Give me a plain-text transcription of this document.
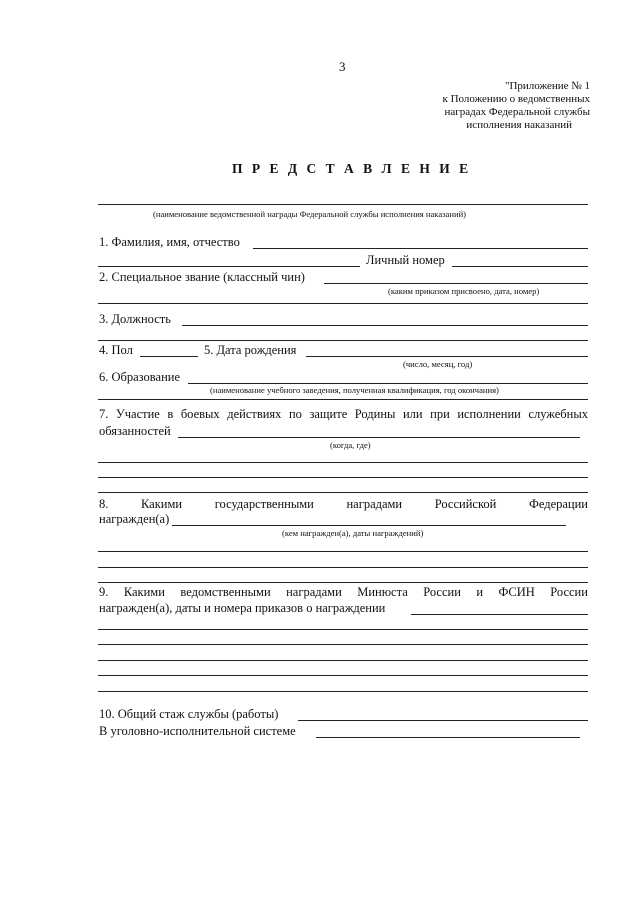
3
"Приложение № 1
к Положению о ведомственных
наградах Федеральной службы
исполнения наказаний
П Р Е Д С Т А В Л Е Н И Е
(наименование ведомственной награды Федеральной службы исполнения наказаний)
1. Фамилия, имя, отчество
Личный номер
2. Специальное звание (классный чин)
(каким приказом присвоено, дата, номер)
3. Должность
4. Пол	5. Дата рождения
(число, месяц, год)
6. Образование
(наименование учебного заведения, полученная квалификация, год окончания)
7. Участие в боевых действиях по защите Родины или при исполнении служебных
обязанностей
(когда, где)
8.	Какими	государственными	наградами	Российской	Федерации
награжден(а)
(кем награжден(а), даты награждений)
9. Какими ведомственными наградами Минюста России и ФСИН России
награжден(а), даты и номера приказов о награждении
10. Общий стаж службы (работы)
В уголовно-исполнительной системе
